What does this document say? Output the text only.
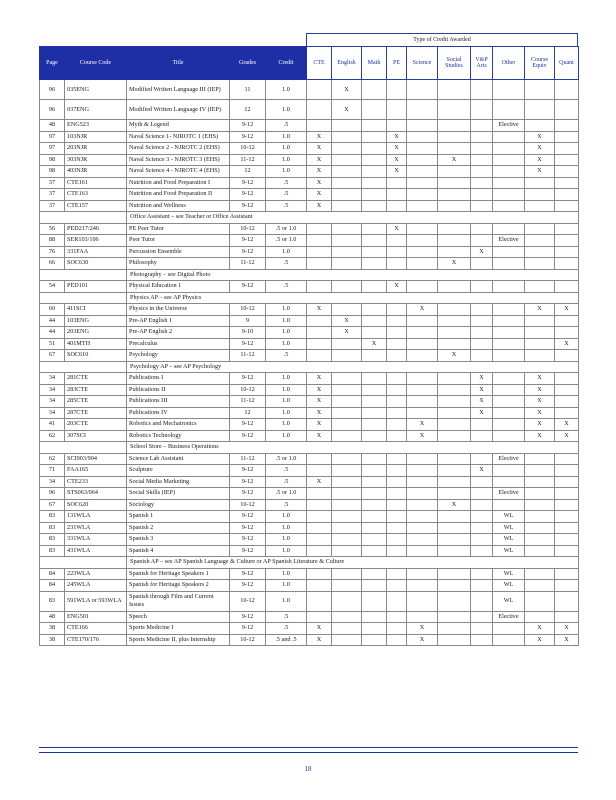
Type of Credit Awarded
Page	Course Code	Title	Grades	Credit	CTE	English	Math	PE	Science	Social Studies	V&P Arts	Other	Course Equiv	Quant
96	035ENG	Modified Written Language III (IEP)	11	1.0		X								
96	037ENG	Modified Written Language IV (IEP)	12	1.0		X								
48	ENG523	Myth & Legend	9-12	.5								Elective		
97	103NJR	Naval Science 1- NJROTC 1 (EHS)	9-12	1.0	X			X					X	
97	203NJR	Naval Science 2 - NJROTC 2 (EHS)	10-12	1.0	X			X					X	
98	303NJR	Naval Science 3 - NJROTC 3 (EHS)	11-12	1.0	X			X		X			X	
98	403NJR	Naval Science 4 - NJROTC 4 (EHS)	12	1.0	X			X					X	
37	CTE161	Nutrition and Food Preparation I	9-12	.5	X									
37	CTE163	Nutrition and Food Preparation II	9-12	.5	X									
37	CTE157	Nutrition and Wellness	9-12	.5	X									
		Office Assistant – see Teacher or Office Assistant												
56	PED217/246	PE Peer Tutor	10-12	.5 or 1.0				X						
88	SER103/106	Peer Tutor	9-12	.5 or 1.0								Elective		
76	331FAA	Percussion Ensemble	9-12	1.0							X			
66	SOC630	Philosophy	11-12	.5						X				
		Photography – see Digital Photo												
54	PED101	Physical Education 1	9-12	.5				X						
		Physics AP – see AP Physics												
60	411SCI	Physics in the Universe	10-12	1.0	X				X				X	X
44	103ENG	Pre-AP English 1	9	1.0		X								
44	203ENG	Pre-AP English 2	9-10	1.0		X								
51	401MTH	Precalculus	9-12	1.0			X							X
67	SOC610	Psychology	11-12	.5						X				
		Psychology AP – see AP Psychology												
34	281CTE	Publications I	9-12	1.0	X						X		X	
34	283CTE	Publications II	10-12	1.0	X						X		X	
34	285CTE	Publications III	11-12	1.0	X						X		X	
34	287CTE	Publications IV	12	1.0	X						X		X	
41	203CTE	Robotics and Mechatronics	9-12	1.0	X				X				X	X
62	307SCI	Robotics Technology	9-12	1.0	X				X				X	X
		School Store – Business Operations												
62	SCI903/904	Science Lab Assistant	11-12	.5 or 1.0								Elective		
71	FAA165	Sculpture	9-12	.5							X			
34	CTE233	Social Media Marketing	9-12	.5	X									
96	STS063/064	Social Skills (IEP)	9-12	.5 or 1.0								Elective		
67	SOC620	Sociology	10-12	.5						X				
83	131WLA	Spanish 1	9-12	1.0								WL		
83	231WLA	Spanish 2	9-12	1.0								WL		
83	331WLA	Spanish 3	9-12	1.0								WL		
83	431WLA	Spanish 4	9-12	1.0								WL		
		Spanish AP – see AP Spanish Language & Culture or AP Spanish Literature & Culture												
84	223WLA	Spanish for Heritage Speakers 1	9-12	1.0								WL		
84	245WLA	Spanish for Heritage Speakers 2	9-12	1.0								WL		
83	591WLA or 593WLA	Spanish through Film and Current Issues	10-12	1.0								WL		
48	ENG501	Speech	9-12	.5								Elective		
38	CTE166	Sports Medicine I	9-12	.5	X				X				X	X
38	CTE170/176	Sports Medicine II, plus Internship	10-12	.5 and .5	X				X				X	X
18
